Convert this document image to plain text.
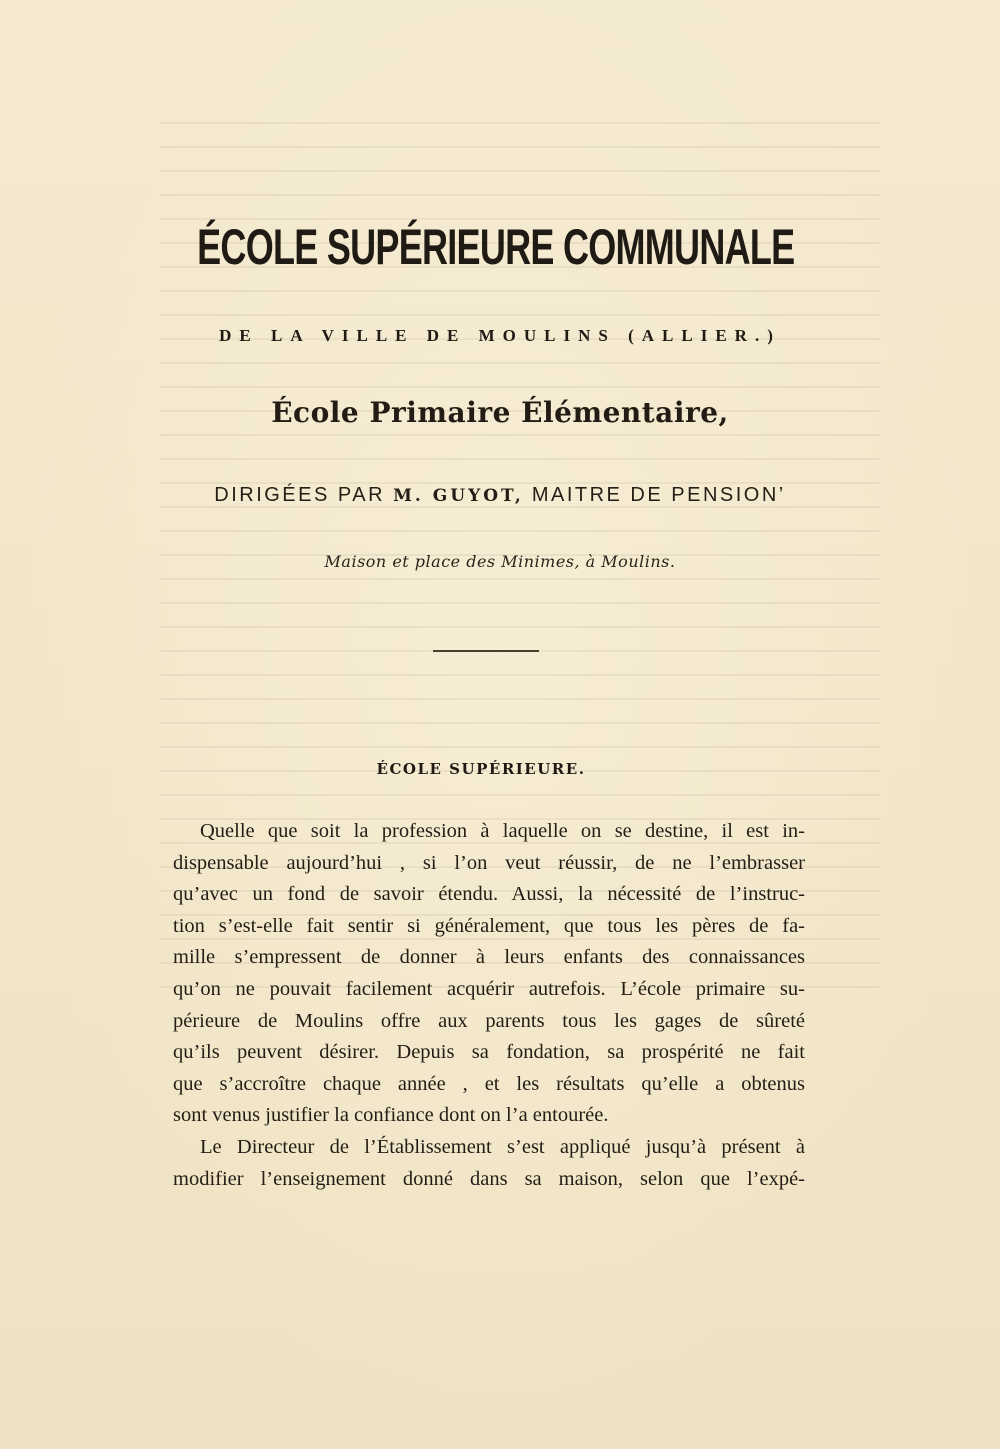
ÉCOLE SUPÉRIEURE COMMUNALE
DE LA VILLE DE MOULINS (ALLIER.)
École Primaire Élémentaire,
DIRIGÉES PAR M. GUYOT, MAITRE DE PENSION’
Maison et place des Minimes, à Moulins.
ÉCOLE SUPÉRIEURE.
Quelle que soit la profession à laquelle on se destine, il est in-
dispensable aujourd’hui , si l’on veut réussir, de ne l’embrasser
qu’avec un fond de savoir étendu. Aussi, la nécessité de l’instruc-
tion s’est-elle fait sentir si généralement, que tous les pères de fa-
mille s’empressent de donner à leurs enfants des connaissances
qu’on ne pouvait facilement acquérir autrefois. L’école primaire su-
périeure de Moulins offre aux parents tous les gages de sûreté
qu’ils peuvent désirer. Depuis sa fondation, sa prospérité ne fait
que s’accroître chaque année , et les résultats qu’elle a obtenus
sont venus justifier la confiance dont on l’a entourée.
Le Directeur de l’Établissement s’est appliqué jusqu’à présent à
modifier l’enseignement donné dans sa maison, selon que l’expé-
